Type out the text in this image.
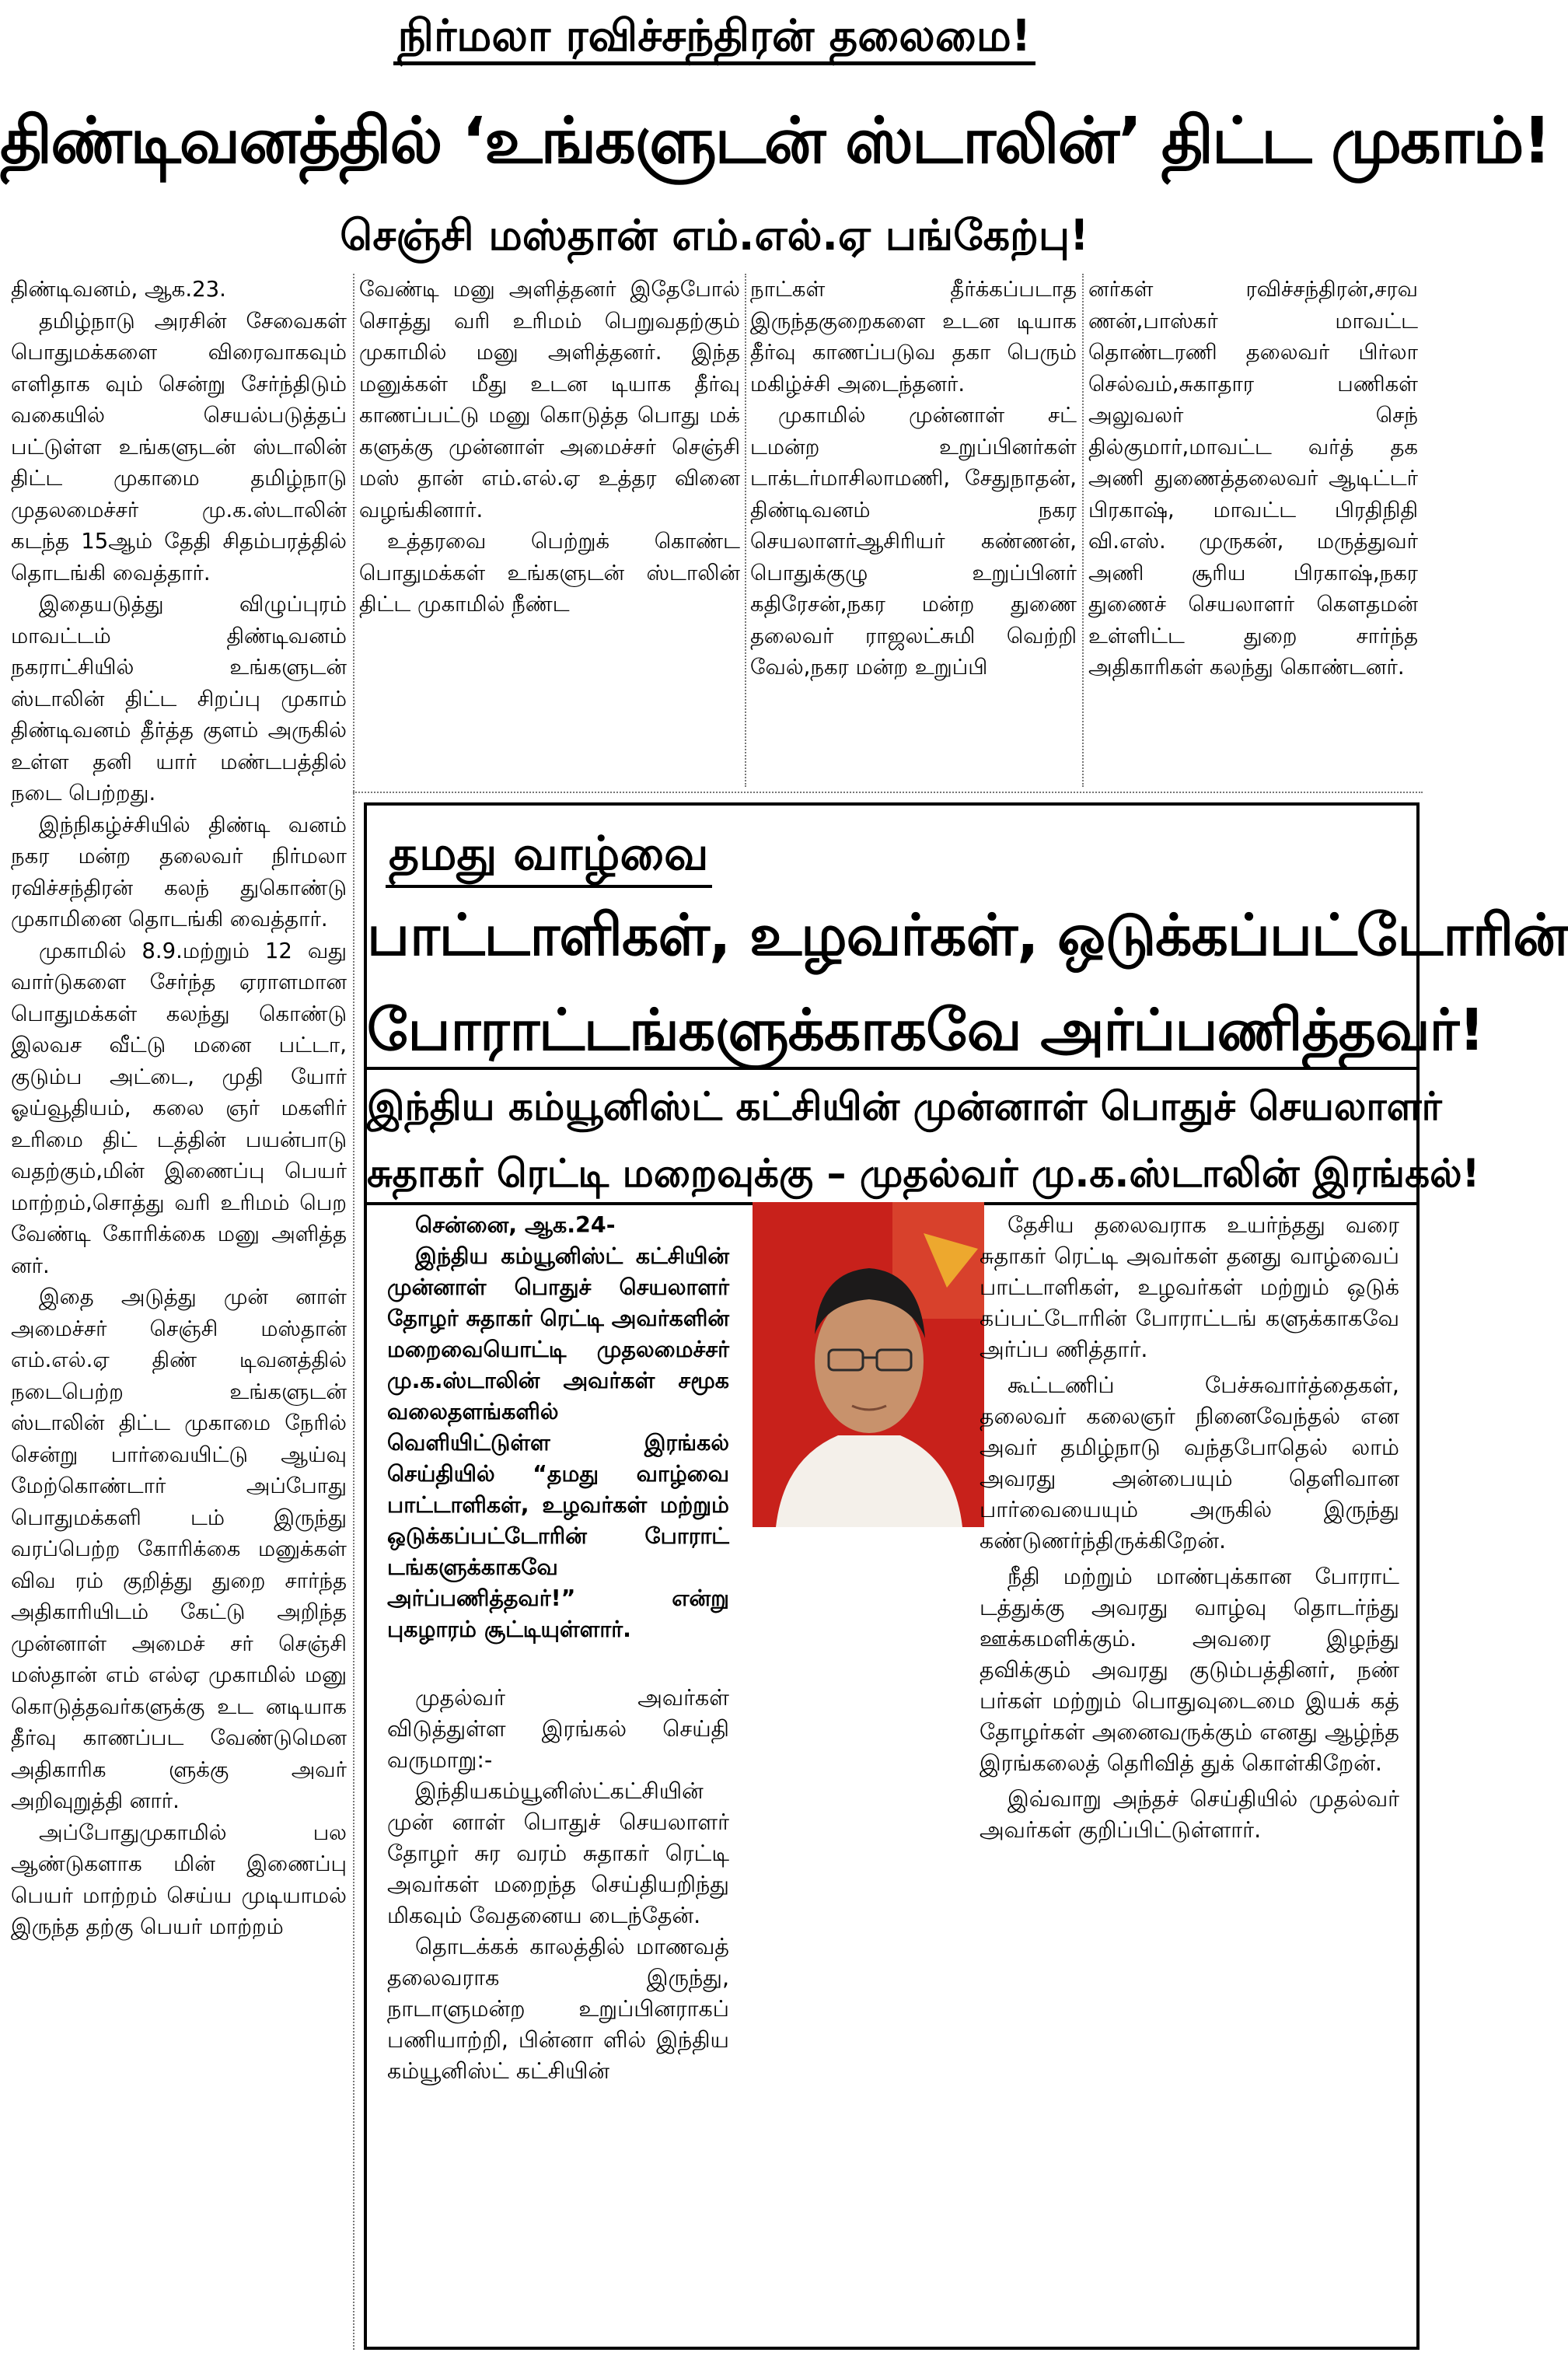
நிர்மலா ரவிச்சந்திரன் தலைமை!
திண்டிவனத்தில் ‘உங்களுடன் ஸ்டாலின்’ திட்ட முகாம்!
செஞ்சி மஸ்தான் எம்.எல்.ஏ பங்கேற்பு!

திண்டிவனம், ஆக.23.

தமிழ்நாடு அரசின் சேவைகள் பொதுமக்களை விரைவாகவும் எளிதாக வும் சென்று சேர்ந்திடும் வகையில் செயல்படுத்தப் பட்டுள்ள உங்களுடன் ஸ்டாலின் திட்ட முகாமை தமிழ்நாடு முதலமைச்சர் மு.க.ஸ்டாலின் கடந்த 15ஆம் தேதி சிதம்பரத்தில் தொடங்கி வைத்தார்.

இதையடுத்து விழுப்புரம் மாவட்டம் திண்டிவனம் நகராட்சியில் உங்களுடன் ஸ்டாலின் திட்ட சிறப்பு முகாம் திண்டிவனம் தீர்த்த குளம் அருகில் உள்ள தனி யார் மண்டபத்தில் நடை பெற்றது.

இந்நிகழ்ச்சியில் திண்டி வனம் நகர மன்ற தலைவர் நிர்மலா ரவிச்சந்திரன் கலந் துகொண்டு முகாமினை தொடங்கி வைத்தார்.

முகாமில் 8.9.மற்றும் 12 வது வார்டுகளை சேர்ந்த ஏராளமான பொதுமக்கள் கலந்து கொண்டு இலவச வீட்டு மனை பட்டா, குடும்ப அட்டை, முதி யோர் ஓய்வூதியம், கலை ஞர் மகளிர் உரிமை திட் டத்தின் பயன்பாடு வதற்கும்,மின் இணைப்பு பெயர் மாற்றம்,சொத்து வரி உரிமம் பெற வேண்டி கோரிக்கை மனு அளித்த னர்.

இதை அடுத்து முன் னாள் அமைச்சர் செஞ்சி மஸ்தான் எம்.எல்.ஏ திண் டிவனத்தில் நடைபெற்ற உங்களுடன் ஸ்டாலின் திட்ட முகாமை நேரில் சென்று பார்வையிட்டு ஆய்வு மேற்கொண்டார் அப்போது பொதுமக்களி டம் இருந்து வரப்பெற்ற கோரிக்கை மனுக்கள் விவ ரம் குறித்து துறை சார்ந்த அதிகாரியிடம் கேட்டு அறிந்த முன்னாள் அமைச் சர் செஞ்சி மஸ்தான் எம் எல்ஏ முகாமில் மனு கொடுத்தவர்களுக்கு உட னடியாக தீர்வு காணப்பட வேண்டுமென அதிகாரிக ளுக்கு அவர் அறிவுறுத்தி னார்.

அப்போதுமுகாமில் பல ஆண்டுகளாக மின் இணைப்பு பெயர் மாற்றம் செய்ய முடியாமல் இருந்த தற்கு பெயர் மாற்றம்

வேண்டி மனு அளித்தனர் இதேபோல் சொத்து வரி உரிமம் பெறுவதற்கும் முகாமில் மனு அளித்தனர். இந்த மனுக்கள் மீது உடன டியாக தீர்வு காணப்பட்டு மனு கொடுத்த பொது மக் களுக்கு முன்னாள் அமைச்சர் செஞ்சி மஸ் தான் எம்.எல்.ஏ உத்தர வினை வழங்கினார்.

உத்தரவை பெற்றுக் கொண்ட பொதுமக்கள் உங்களுடன் ஸ்டாலின் திட்ட முகாமில் நீண்ட

நாட்கள் தீர்க்கப்படாத இருந்தகுறைகளை உடன டியாக தீர்வு காணப்படுவ தகா பெரும் மகிழ்ச்சி அடைந்தனர்.

முகாமில் முன்னாள் சட் டமன்ற உறுப்பினர்கள் டாக்டர்மாசிலாமணி, சேதுநாதன், திண்டிவனம் நகர செயலாளர்ஆசிரியர் கண்ணன், பொதுக்குழு உறுப்பினர் கதிரேசன்,நகர மன்ற துணை தலைவர் ராஜலட்சுமி வெற்றி வேல்,நகர மன்ற உறுப்பி

னர்கள் ரவிச்சந்திரன்,சரவ ணன்,பாஸ்கர் மாவட்ட தொண்டரணி தலைவர் பிர்லா செல்வம்,சுகாதார பணிகள் அலுவலர் செந் தில்குமார்,மாவட்ட வர்த் தக அணி துணைத்தலைவர் ஆடிட்டர் பிரகாஷ், மாவட்ட பிரதிநிதி வி.எஸ். முருகன், மருத்துவர் அணி சூரிய பிரகாஷ்,நகர துணைச் செயலாளர் கௌதமன் உள்ளிட்ட துறை சார்ந்த அதிகாரிகள் கலந்து கொண்டனர்.

தமது வாழ்வை
பாட்டாளிகள், உழவர்கள், ஒடுக்கப்பட்டோரின்
போராட்டங்களுக்காகவே அர்ப்பணித்தவர்!
இந்திய கம்யூனிஸ்ட் கட்சியின் முன்னாள் பொதுச் செயலாளர்
சுதாகர் ரெட்டி மறைவுக்கு – முதல்வர் மு.க.ஸ்டாலின் இரங்கல்!

சென்னை, ஆக.24-

இந்திய கம்யூனிஸ்ட் கட்சியின் முன்னாள் பொதுச் செயலாளர் தோழர் சுதாகர் ரெட்டி அவர்களின் மறைவையொட்டி முதலமைச்சர் மு.க.ஸ்டாலின் அவர்கள் சமூக வலைதளங்களில் வெளியிட்டுள்ள இரங்கல் செய்தியில் “தமது வாழ்வை பாட்டாளிகள், உழவர்கள் மற்றும் ஒடுக்கப்பட்டோரின் போராட் டங்களுக்காகவே அர்ப்பணித்தவர்!” என்று புகழாரம் சூட்டியுள்ளார்.

முதல்வர் அவர்கள் விடுத்துள்ள இரங்கல் செய்தி வருமாறு:-

இந்தியகம்யூனிஸ்ட்கட்சியின் முன் னாள் பொதுச் செயலாளர் தோழர் சுர வரம் சுதாகர் ரெட்டி அவர்கள் மறைந்த செய்தியறிந்து மிகவும் வேதனைய டைந்தேன்.

தொடக்கக் காலத்தில் மாணவத் தலைவராக இருந்து, நாடாளுமன்ற உறுப்பினராகப் பணியாற்றி, பின்னா ளில் இந்திய கம்யூனிஸ்ட் கட்சியின்

தேசிய தலைவராக உயர்ந்தது வரை சுதாகர் ரெட்டி அவர்கள் தனது வாழ்வைப் பாட்டாளிகள், உழவர்கள் மற்றும் ஒடுக் கப்பட்டோரின் போராட்டங் களுக்காகவே அர்ப்ப ணித்தார்.

கூட்டணிப் பேச்சுவார்த்தைகள், தலைவர் கலைஞர் நினைவேந்தல் என அவர் தமிழ்நாடு வந்தபோதெல் லாம் அவரது அன்பையும் தெளிவான பார்வையையும் அருகில் இருந்து கண்டுணர்ந்திருக்கிறேன்.

நீதி மற்றும் மாண்புக்கான போராட் டத்துக்கு அவரது வாழ்வு தொடர்ந்து ஊக்கமளிக்கும். அவரை இழந்து தவிக்கும் அவரது குடும்பத்தினர், நண் பர்கள் மற்றும் பொதுவுடைமை இயக் கத் தோழர்கள் அனைவருக்கும் எனது ஆழ்ந்த இரங்கலைத் தெரிவித் துக் கொள்கிறேன்.

இவ்வாறு அந்தச் செய்தியில் முதல்வர் அவர்கள் குறிப்பிட்டுள்ளார்.
